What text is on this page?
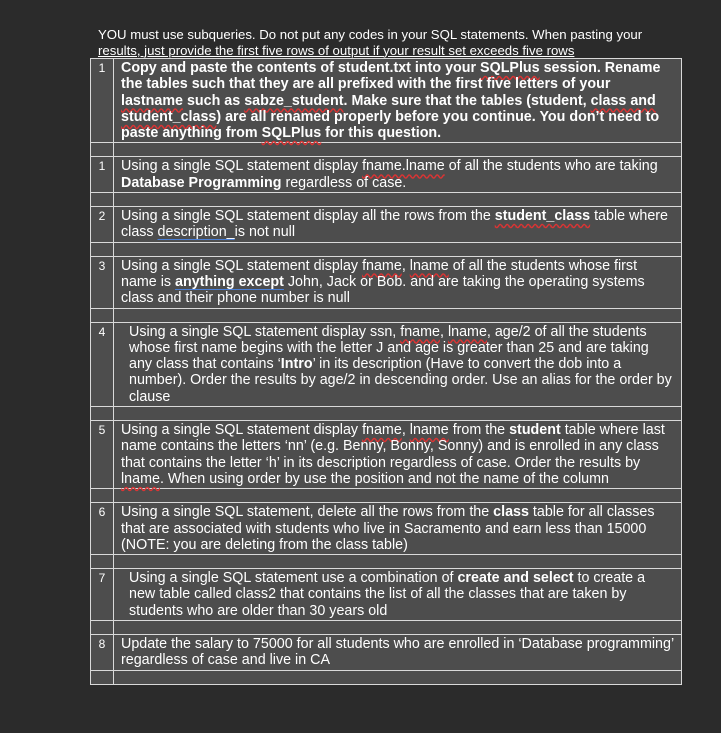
YOU must use subqueries. Do not put any codes in your SQL statements. When pasting your
results, just provide the first five rows of output if your result set exceeds five rows
1	Copy and paste the contents of student.txt into your SQLPlus session. Rename the tables such that they are all prefixed with the first five letters of your lastname such as sabze_student. Make sure that the tables (student, class and student_class) are all renamed properly before you continue. You don’t need to paste anything from SQLPlus for this question.

1	Using a single SQL statement display fname.lname of all the students who are taking Database Programming regardless of case.

2	Using a single SQL statement display all the rows from the student_class table where class description_is not null

3	Using a single SQL statement display fname, lname of all the students whose first name is anything except John, Jack or Bob. and are taking the operating systems class and their phone number is null

4	Using a single SQL statement display ssn, fname, lname, age/2 of all the students whose first name begins with the letter J and age is greater than 25 and are taking any class that contains ‘Intro’ in its description (Have to convert the dob into a number). Order the results by age/2 in descending order. Use an alias for the order by clause

5	Using a single SQL statement display fname, lname from the student table where last name contains the letters ‘nn’ (e.g. Benny, Bonny, Sonny) and is enrolled in any class that contains the letter ‘h’ in its description regardless of case. Order the results by lname. When using order by use the position and not the name of the column

6	Using a single SQL statement, delete all the rows from the class table for all classes that are associated with students who live in Sacramento and earn less than 15000 (NOTE: you are deleting from the class table)

7	Using a single SQL statement use a combination of create and select to create a new table called class2 that contains the list of all the classes that are taken by students who are older than 30 years old

8	Update the salary to 75000 for all students who are enrolled in ‘Database programming’ regardless of case and live in CA
